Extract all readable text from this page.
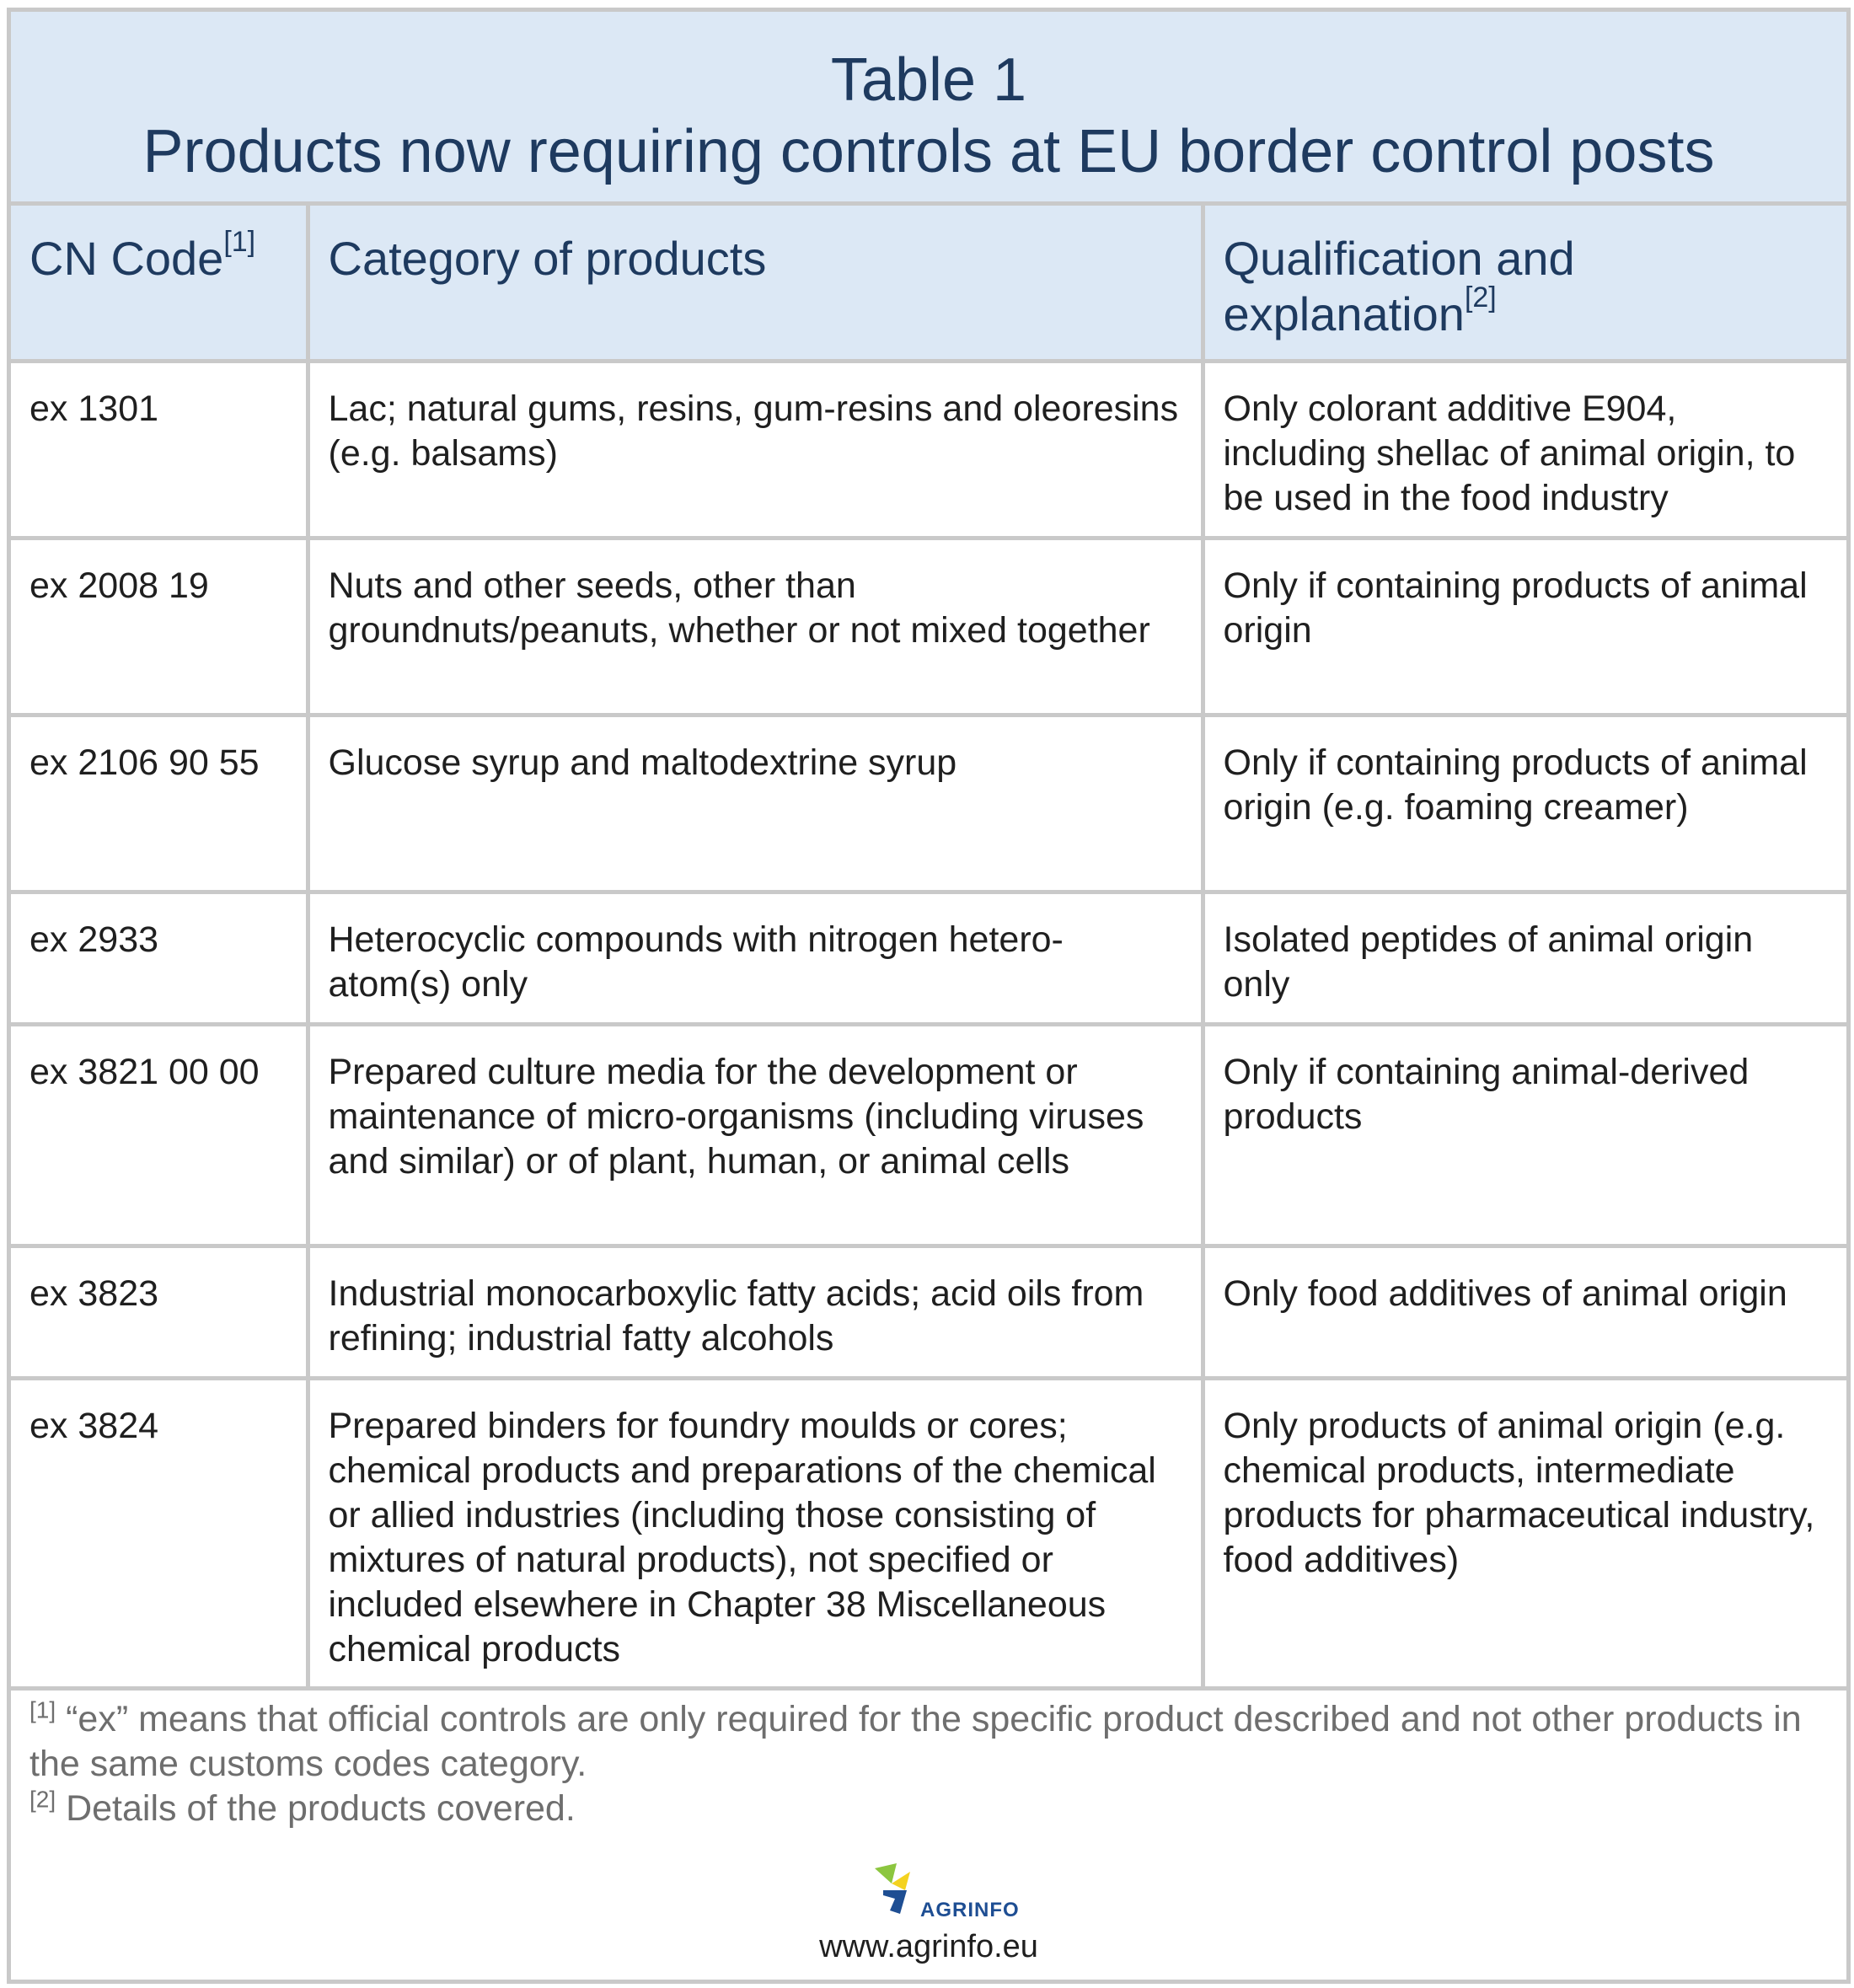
Table 1
Products now requiring controls at EU border control posts
CN Code[1]	Category of products	Qualification and explanation[2]
ex 1301	Lac; natural gums, resins, gum-resins and oleoresins (e.g. balsams)	Only colorant additive E904, including shellac of animal origin, to be used in the food industry
ex 2008 19	Nuts and other seeds, other than groundnuts/peanuts, whether or not mixed together	Only if containing products of animal origin
ex 2106 90 55	Glucose syrup and maltodextrine syrup	Only if containing products of animal origin (e.g. foaming creamer)
ex 2933	Heterocyclic compounds with nitrogen hetero-atom(s) only	Isolated peptides of animal origin only
ex 3821 00 00	Prepared culture media for the development or maintenance of micro-organisms (including viruses and similar) or of plant, human, or animal cells	Only if containing animal-derived products
ex 3823	Industrial monocarboxylic fatty acids; acid oils from refining; industrial fatty alcohols	Only food additives of animal origin
ex 3824	Prepared binders for foundry moulds or cores; chemical products and preparations of the chemical or allied industries (including those consisting of mixtures of natural products), not specified or included elsewhere in Chapter 38 Miscellaneous chemical products	Only products of animal origin (e.g. chemical products, intermediate products for pharmaceutical industry, food additives)
[1] “ex” means that official controls are only required for the specific product described and not other products in the same customs codes category.
[2] Details of the products covered.
AGRINFO
www.agrinfo.eu
